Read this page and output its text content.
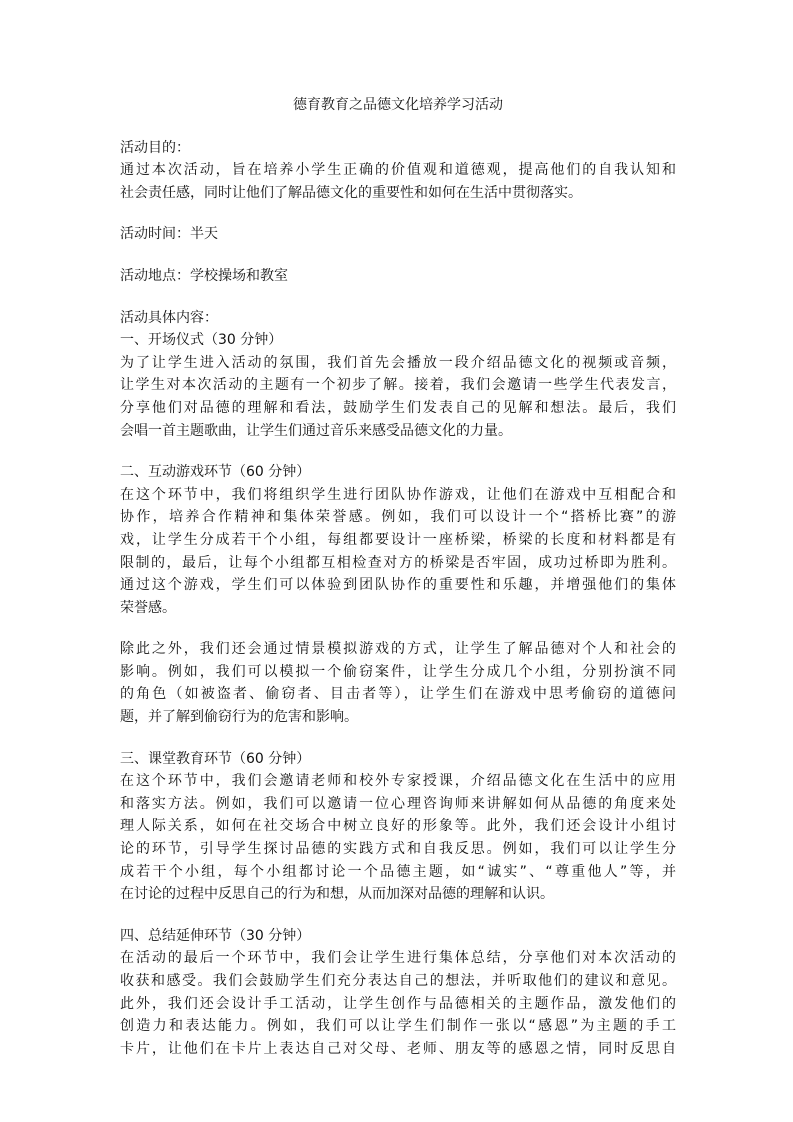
德育教育之品德文化培养学习活动
活动目的：
通过本次活动，旨在培养小学生正确的价值观和道德观，提高他们的自我认知和
社会责任感，同时让他们了解品德文化的重要性和如何在生活中贯彻落实。
活动时间：半天
活动地点：学校操场和教室
活动具体内容：
一、开场仪式（30 分钟）
为了让学生进入活动的氛围，我们首先会播放一段介绍品德文化的视频或音频，
让学生对本次活动的主题有一个初步了解。接着，我们会邀请一些学生代表发言，
分享他们对品德的理解和看法，鼓励学生们发表自己的见解和想法。最后，我们
会唱一首主题歌曲，让学生们通过音乐来感受品德文化的力量。
二、互动游戏环节（60 分钟）
在这个环节中，我们将组织学生进行团队协作游戏，让他们在游戏中互相配合和
协作，培养合作精神和集体荣誉感。例如，我们可以设计一个“搭桥比赛”的游
戏，让学生分成若干个小组，每组都要设计一座桥梁，桥梁的长度和材料都是有
限制的，最后，让每个小组都互相检查对方的桥梁是否牢固，成功过桥即为胜利。
通过这个游戏，学生们可以体验到团队协作的重要性和乐趣，并增强他们的集体
荣誉感。
除此之外，我们还会通过情景模拟游戏的方式，让学生了解品德对个人和社会的
影响。例如，我们可以模拟一个偷窃案件，让学生分成几个小组，分别扮演不同
的角色（如被盗者、偷窃者、目击者等），让学生们在游戏中思考偷窃的道德问
题，并了解到偷窃行为的危害和影响。
三、课堂教育环节（60 分钟）
在这个环节中，我们会邀请老师和校外专家授课，介绍品德文化在生活中的应用
和落实方法。例如，我们可以邀请一位心理咨询师来讲解如何从品德的角度来处
理人际关系，如何在社交场合中树立良好的形象等。此外，我们还会设计小组讨
论的环节，引导学生探讨品德的实践方式和自我反思。例如，我们可以让学生分
成若干个小组，每个小组都讨论一个品德主题，如“诚实”、“尊重他人”等，并
在讨论的过程中反思自己的行为和想，从而加深对品德的理解和认识。
四、总结延伸环节（30 分钟）
在活动的最后一个环节中，我们会让学生进行集体总结，分享他们对本次活动的
收获和感受。我们会鼓励学生们充分表达自己的想法，并听取他们的建议和意见。
此外，我们还会设计手工活动，让学生创作与品德相关的主题作品，激发他们的
创造力和表达能力。例如，我们可以让学生们制作一张以“感恩”为主题的手工
卡片，让他们在卡片上表达自己对父母、老师、朋友等的感恩之情，同时反思自
